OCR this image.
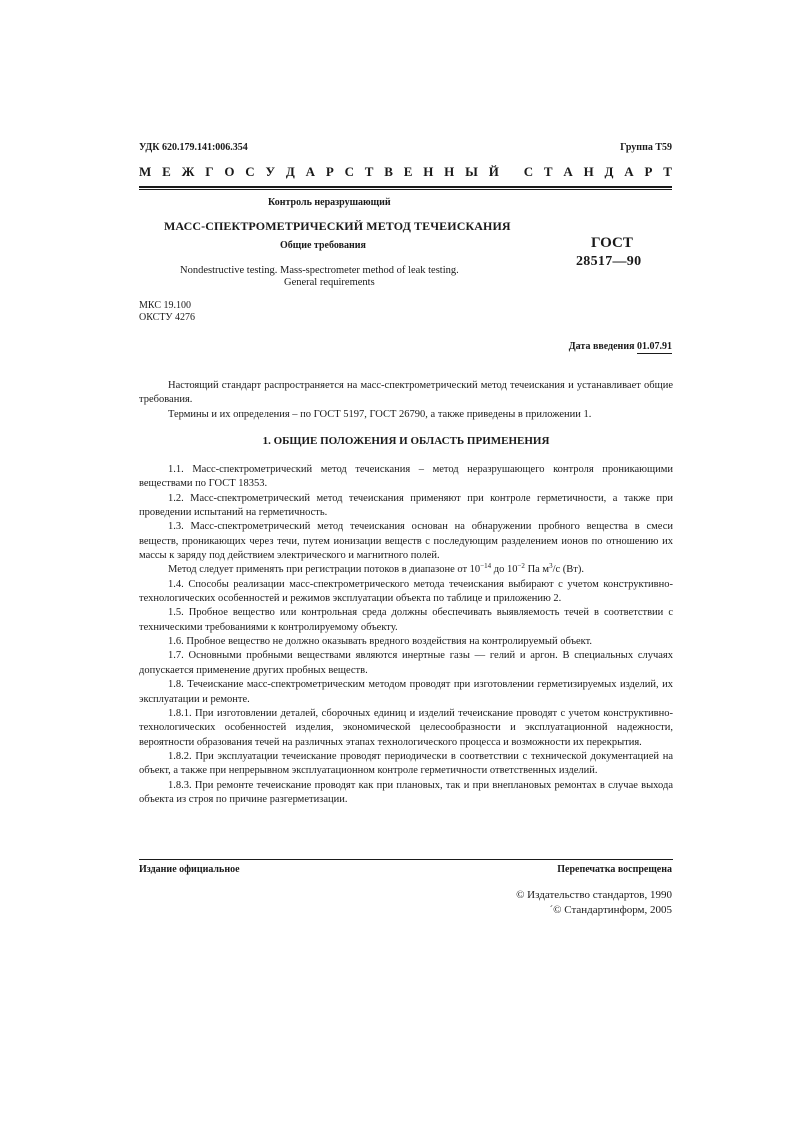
УДК 620.179.141:006.354	Группа Т59
М Е Ж Г О С У Д А Р С Т В Е Н Н Ы Й
С Т А Н Д А Р Т
Контроль неразрушающий
МАСС-СПЕКТРОМЕТРИЧЕСКИЙ МЕТОД ТЕЧЕИСКАНИЯ
Общие требования	ГОСТ
28517—90
Nondestructive testing. Mass-spectrometer method of leak testing.
General requirements
МКС 19.100
ОКСТУ 4276
Дата введения 01.07.91

Настоящий стандарт распространяется на масс-спектрометрический метод течеискания и устанавливает общие требования.

Термины и их определения – по ГОСТ 5197, ГОСТ 26790, а также приведены в приложении 1.

1. ОБЩИЕ ПОЛОЖЕНИЯ И ОБЛАСТЬ ПРИМЕНЕНИЯ

1.1. Масс-спектрометрический метод течеискания – метод неразрушающего контроля проникающими веществами по ГОСТ 18353.

1.2. Масс-спектрометрический метод течеискания применяют при контроле герметичности, а также при проведении испытаний на герметичность.

1.3. Масс-спектрометрический метод течеискания основан на обнаружении пробного вещества в смеси веществ, проникающих через течи, путем ионизации веществ с последующим разделением ионов по отношению их массы к заряду под действием электрического и магнитного полей.

Метод следует применять при регистрации потоков в диапазоне от $10^{-14}$ до $10^{-2}$ Па $м^3/с$ (Вт).

1.4. Способы реализации масс-спектрометрического метода течеискания выбирают с учетом конструктивно-технологических особенностей и режимов эксплуатации объекта по таблице и приложению 2.

1.5. Пробное вещество или контрольная среда должны обеспечивать выявляемость течей в соответствии с техническими требованиями к контролируемому объекту.

1.6. Пробное вещество не должно оказывать вредного воздействия на контролируемый объект.

1.7. Основными пробными веществами являются инертные газы — гелий и аргон. В специальных случаях допускается применение других пробных веществ.

1.8. Течеискание масс-спектрометрическим методом проводят при изготовлении герметизируемых изделий, их эксплуатации и ремонте.

1.8.1. При изготовлении деталей, сборочных единиц и изделий течеискание проводят с учетом конструктивно-технологических особенностей изделия, экономической целесообразности и эксплуатационной надежности, вероятности образования течей на различных этапах технологического процесса и возможности их перекрытия.

1.8.2. При эксплуатации течеискание проводят периодически в соответствии с технической документацией на объект, а также при непрерывном эксплуатационном контроле герметичности ответственных изделий.

1.8.3. При ремонте течеискание проводят как при плановых, так и при внеплановых ремонтах в случае выхода объекта из строя по причине разгерметизации.

Издание официальное	Перепечатка воспрещена
© Издательство стандартов, 1990
´© Стандартинформ, 2005
